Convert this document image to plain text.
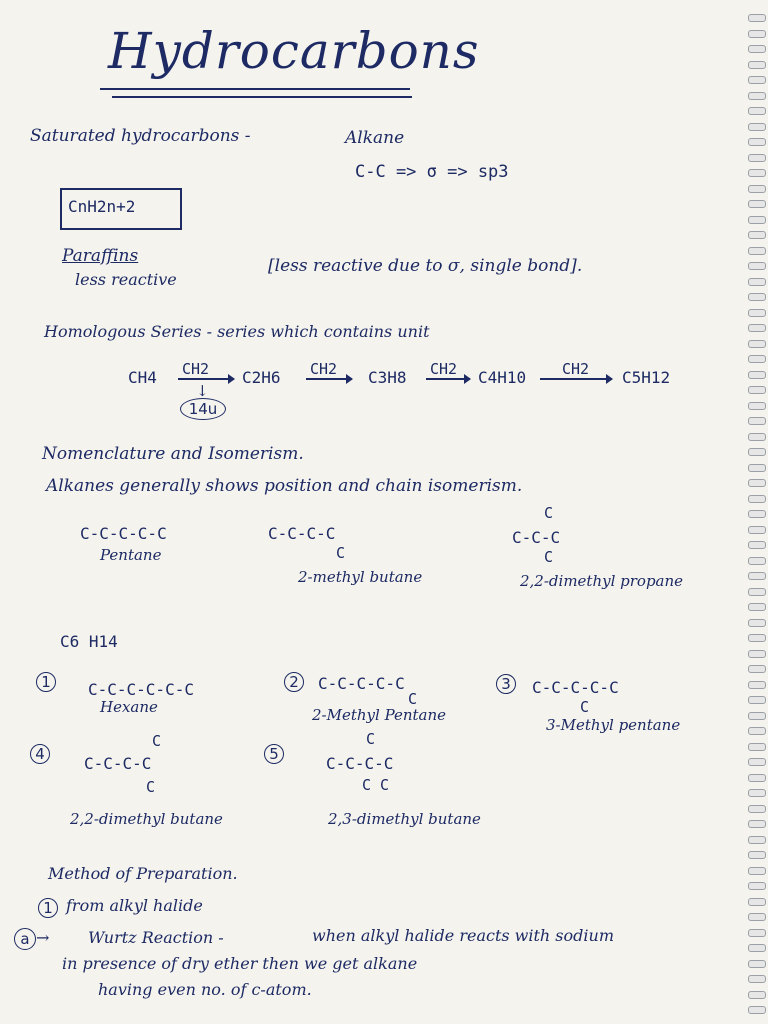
Hydrocarbons
Saturated hydrocarbons -	Alkane
C-C => σ => sp3
CnH2n+2
Paraffins
less reactive
[less reactive due to σ, single bond].
Homologous Series - series which contains unit
CH4 CH2 C2H6 CH2 C3H8 CH2 C4H10 CH2 C5H12
↓
14u
Nomenclature and Isomerism.
Alkanes generally shows position and chain isomerism.
C-C-C-C-C
Pentane
C-C-C-C
C
2-methyl butane
C
C-C-C
C
2,2-dimethyl propane
C6 H14
1	C-C-C-C-C-C
Hexane
2	C-C-C-C-C
C
2-Methyl Pentane
3	C-C-C-C-C
C
3-Methyl pentane
4
C
C-C-C-C
C
2,2-dimethyl butane
5
C
C-C-C-C
C C
2,3-dimethyl butane
Method of Preparation.
1 from alkyl halide
a → Wurtz Reaction -	when alkyl halide reacts with sodium
in presence of dry ether then we get alkane
having even no. of c-atom.
